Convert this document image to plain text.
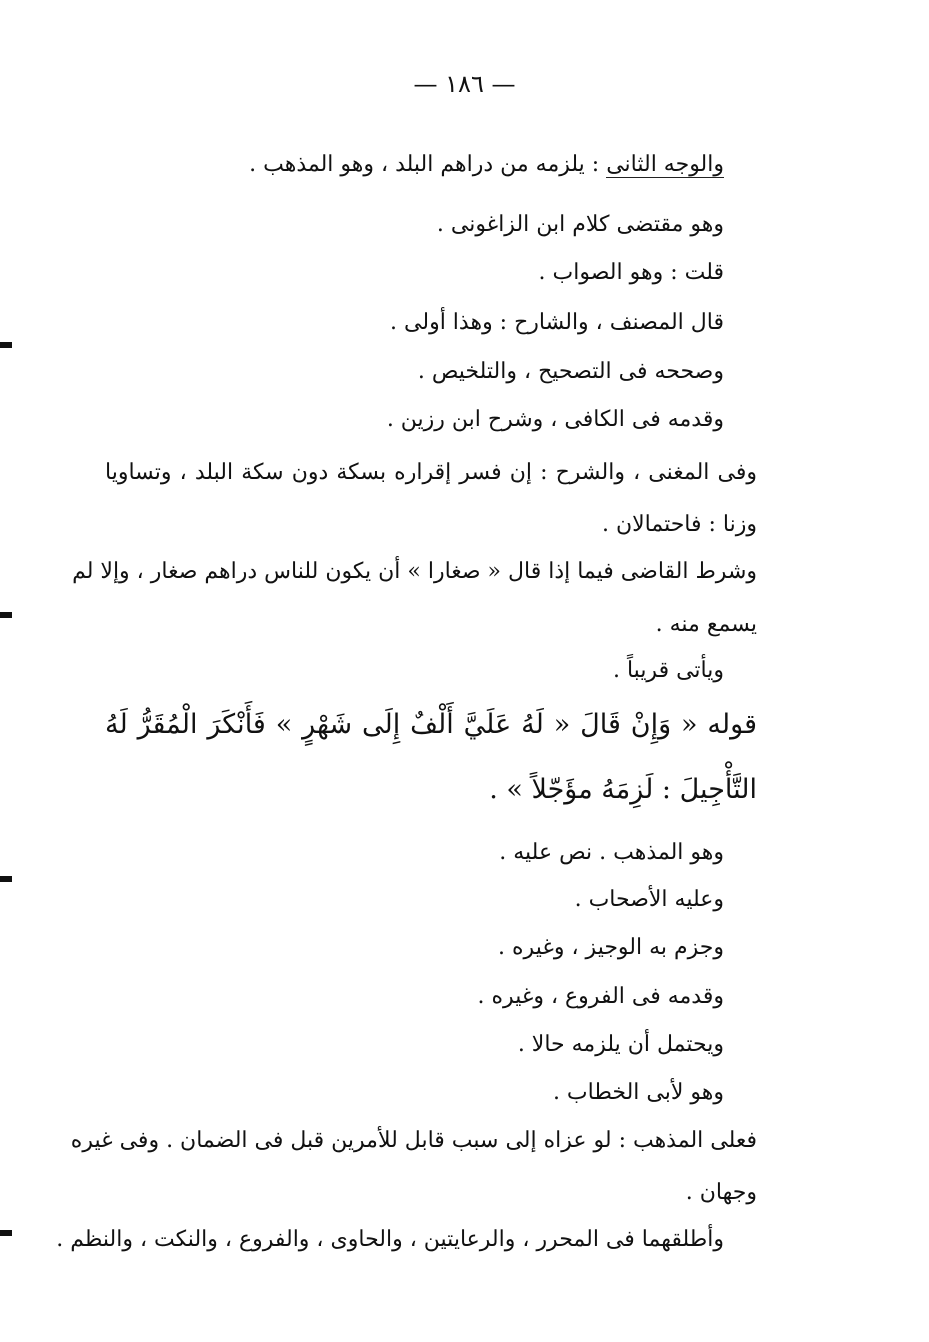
— ١٨٦ —
والوجه الثانى : يلزمه من دراهم البلد ، وهو المذهب .
وهو مقتضى كلام ابن الزاغونى .
قلت : وهو الصواب .
قال المصنف ، والشارح : وهذا أولى .
وصححه فى التصحيح ، والتلخيص .
وقدمه فى الكافى ، وشرح ابن رزين .
وفى المغنى ، والشرح : إن فسر إقراره بسكة دون سكة البلد ، وتساويا
وزنا : فاحتمالان .
وشرط القاضى فيما إذا قال « صغارا » أن يكون للناس دراهم صغار ، وإلا لم
يسمع منه .
ويأتى قريباً .
قوله « وَإِنْ قَالَ « لَهُ عَلَيَّ أَلْفٌ إِلَى شَهْرٍ » فَأَنْكَرَ الْمُقَرُّ لَهُ
التَّأْجِيلَ : لَزِمَهُ مؤَجّلاً » .
وهو المذهب . نص عليه .
وعليه الأصحاب .
وجزم به الوجيز ، وغيره .
وقدمه فى الفروع ، وغيره .
ويحتمل أن يلزمه حالا .
وهو لأبى الخطاب .
فعلى المذهب : لو عزاه إلى سبب قابل للأمرين قبل فى الضمان . وفى غيره
وجهان .
وأطلقهما فى المحرر ، والرعايتين ، والحاوى ، والفروع ، والنكت ، والنظم .
